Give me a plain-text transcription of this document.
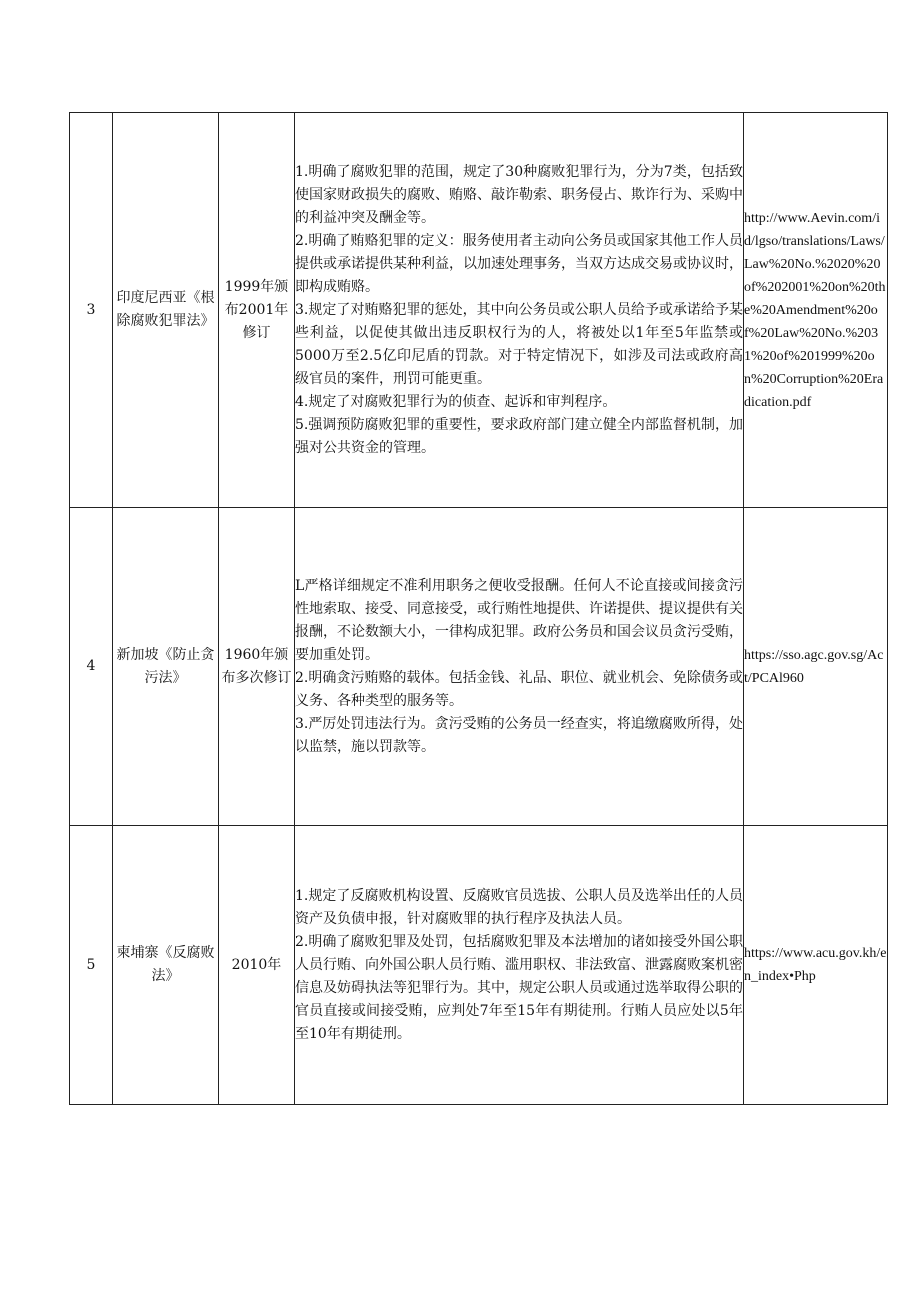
3	印度尼西亚《根除腐败犯罪法》	1999年颁布2001年修订	1.明确了腐败犯罪的范围，规定了30种腐败犯罪行为，分为7类，包括致使国家财政损失的腐败、贿赂、敲诈勒索、职务侵占、欺诈行为、采购中的利益冲突及酬金等。

2.明确了贿赂犯罪的定义：服务使用者主动向公务员或国家其他工作人员提供或承诺提供某种利益，以加速处理事务，当双方达成交易或协议时，即构成贿赂。

3.规定了对贿赂犯罪的惩处，其中向公务员或公职人员给予或承诺给予某些利益，以促使其做出违反职权行为的人，将被处以1年至5年监禁或5000万至2.5亿印尼盾的罚款。对于特定情况下，如涉及司法或政府高级官员的案件，刑罚可能更重。

4.规定了对腐败犯罪行为的侦查、起诉和审判程序。

5.强调预防腐败犯罪的重要性，要求政府部门建立健全内部监督机制，加强对公共资金的管理。	http://www.Aevin.com/id/lgso/translations/Laws/Law%20No.%2020%20of%202001%20on%20the%20Amendment%20of%20Law%20No.%2031%20of%201999%20on%20Corruption%20Eradication.pdf
4	新加坡《防止贪污法》	1960年颁布多次修订	L严格详细规定不准利用职务之便收受报酬。任何人不论直接或间接贪污性地索取、接受、同意接受，或行贿性地提供、许诺提供、提议提供有关报酬，不论数额大小，一律构成犯罪。政府公务员和国会议员贪污受贿，要加重处罚。

2.明确贪污贿赂的载体。包括金钱、礼品、职位、就业机会、免除债务或义务、各种类型的服务等。

3.严厉处罚违法行为。贪污受贿的公务员一经查实，将追缴腐败所得，处以监禁，施以罚款等。	https://sso.agc.gov.sg/Act/PCAl960
5	柬埔寨《反腐败法》	2010年	1.规定了反腐败机构设置、反腐败官员选拔、公职人员及选举出任的人员资产及负债申报，针对腐败罪的执行程序及执法人员。

2.明确了腐败犯罪及处罚，包括腐败犯罪及本法增加的诸如接受外国公职人员行贿、向外国公职人员行贿、滥用职权、非法致富、泄露腐败案机密信息及妨碍执法等犯罪行为。其中，规定公职人员或通过选举取得公职的官员直接或间接受贿，应判处7年至15年有期徒刑。行贿人员应处以5年至10年有期徒刑。	https://www.acu.gov.kh/en_index•Php
